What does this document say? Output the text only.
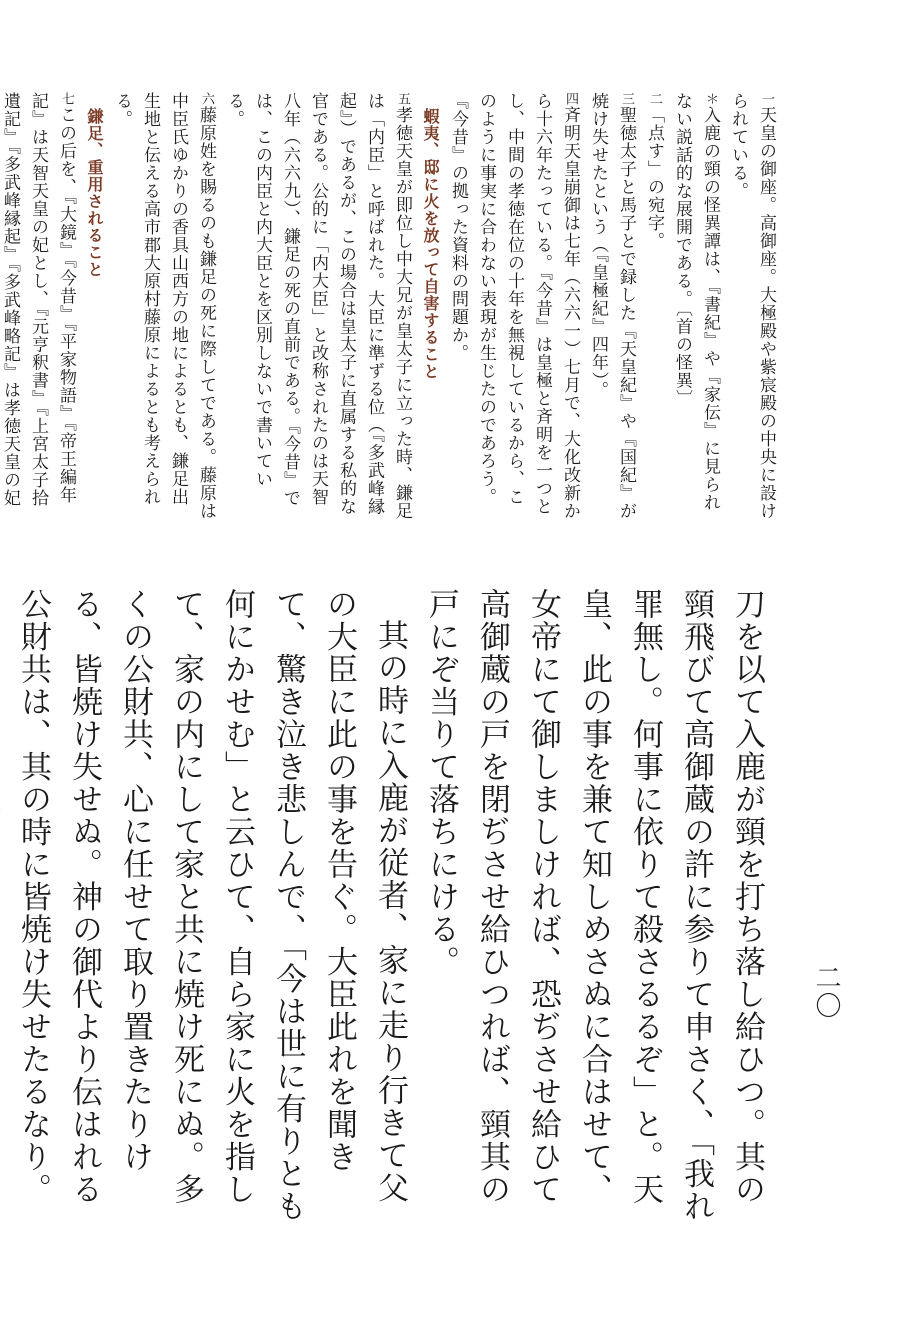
二〇

刀を以て入鹿が頸を打ち落し給ひつ。其の頸飛びて高御蔵の許に参りて申さく、「我れ罪無し。何事に依りて殺さるるぞ」と。天皇、此の事を兼て知しめさぬに合はせて、女帝にて御しましければ、恐ぢさせ給ひて高御蔵の戸を閉ぢさせ給ひつれば、頸其の戸にぞ当りて落ちにける。

其の時に入鹿が従者、家に走り行きて父の大臣に此の事を告ぐ。大臣此れを聞きて、驚き泣き悲しんで、「今は世に有りとも何にかせむ」と云ひて、自ら家に火を指して、家の内にして家と共に焼け死にぬ。多くの公財共、心に任せて取り置きたりける、皆焼け失せぬ。神の御代より伝はれる公財共は、其の時に皆焼け失せたるなり。

一天皇の御座。高御座。大極殿や紫宸殿の中央に設けられている。

＊入鹿の頸の怪異譚は、『書紀』や『家伝』に見られない説話的な展開である。〔首の怪異〕

二「点す」の宛字。

三聖徳太子と馬子とで録した『天皇紀』や『国紀』が焼け失せたという（『皇極紀』四年）。

四斉明天皇崩御は七年（六六一）七月で、大化改新から十六年たっている。『今昔』は皇極と斉明を一つとし、中間の孝徳在位の十年を無視しているから、このように事実に合わない表現が生じたのであろう。『今昔』の拠った資料の問題か。

蝦夷、邸に火を放って自害すること

五孝徳天皇が即位し中大兄が皇太子に立った時、鎌足は「内臣」と呼ばれた。大臣に準ずる位（『多武峰縁起』）であるが、この場合は皇太子に直属する私的な官である。公的に「内大臣」と改称されたのは天智八年（六六九）、鎌足の死の直前である。『今昔』では、この内臣と内大臣とを区別しないで書いている。

六藤原姓を賜るのも鎌足の死に際してである。藤原は中臣氏ゆかりの香具山西方の地によるとも、鎌足出生地と伝える高市郡大原村藤原によるとも考えられる。

鎌足、重用されること

七この后を、『大鏡』『今昔』『平家物語』『帝王編年記』は天智天皇の妃とし、『元亨釈書』『上宮太子拾遺記』『多武峰縁起』『多武峰略記』は孝徳天皇の妃
